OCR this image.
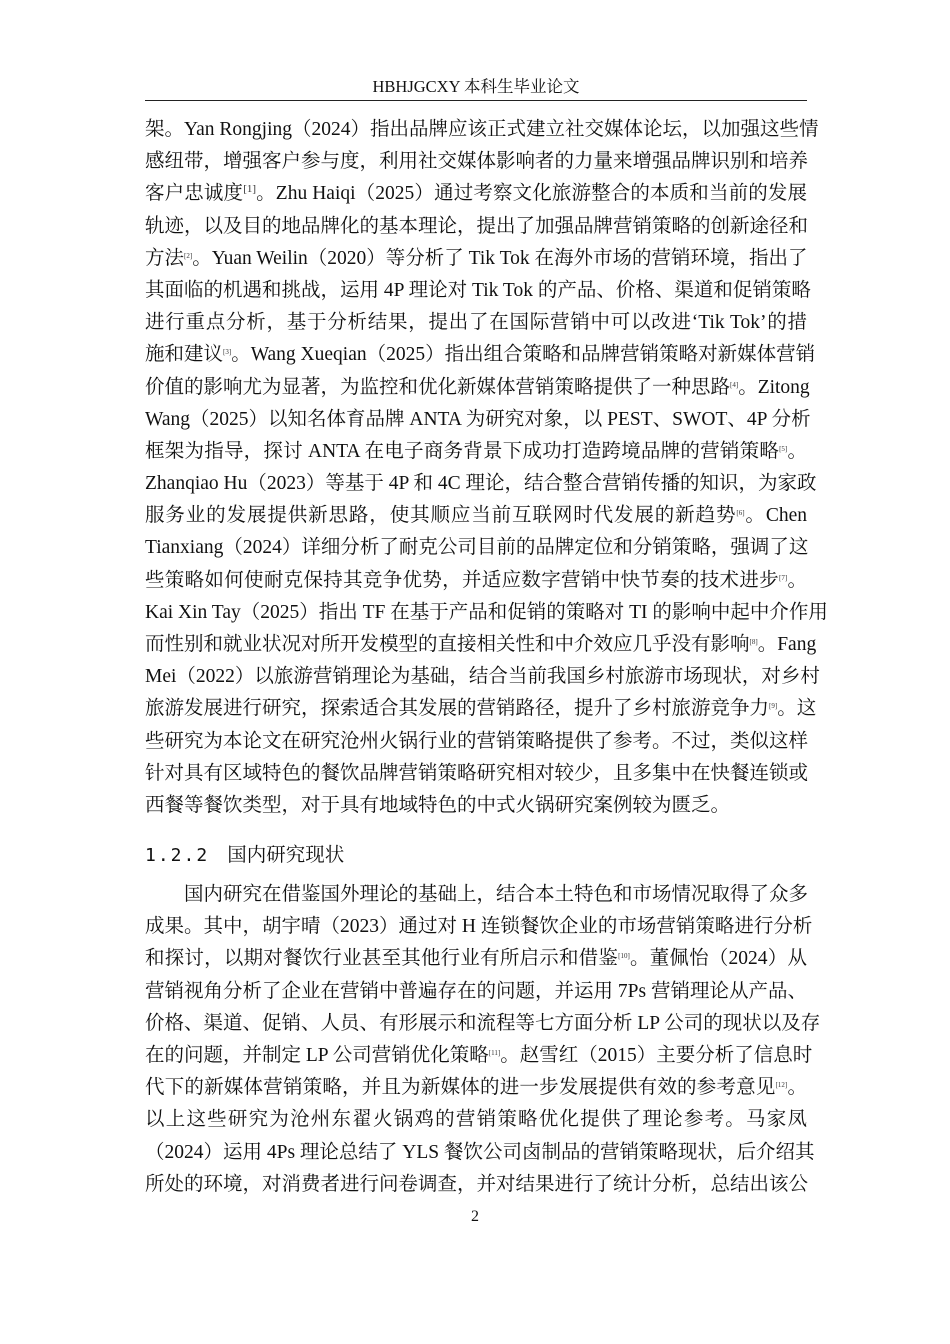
HBHJGCXY 本科生毕业论文
架。Yan Rongjing（2024）指出品牌应该正式建立社交媒体论坛，以加强这些情
感纽带，增强客户参与度，利用社交媒体影响者的力量来增强品牌识别和培养
客户忠诚度[1]。Zhu Haiqi（2025）通过考察文化旅游整合的本质和当前的发展
轨迹，以及目的地品牌化的基本理论，提出了加强品牌营销策略的创新途径和
方法[2]。Yuan Weilin（2020）等分析了 Tik Tok 在海外市场的营销环境，指出了
其面临的机遇和挑战，运用 4P 理论对 Tik Tok 的产品、价格、渠道和促销策略
进行重点分析，基于分析结果，提出了在国际营销中可以改进‘Tik Tok’的措
施和建议[3]。Wang Xueqian（2025）指出组合策略和品牌营销策略对新媒体营销
价值的影响尤为显著，为监控和优化新媒体营销策略提供了一种思路[4]。Zitong
Wang（2025）以知名体育品牌 ANTA 为研究对象，以 PEST、SWOT、4P 分析
框架为指导，探讨 ANTA 在电子商务背景下成功打造跨境品牌的营销策略[5]。
Zhanqiao Hu（2023）等基于 4P 和 4C 理论，结合整合营销传播的知识，为家政
服务业的发展提供新思路，使其顺应当前互联网时代发展的新趋势[6]。Chen
Tianxiang（2024）详细分析了耐克公司目前的品牌定位和分销策略，强调了这
些策略如何使耐克保持其竞争优势，并适应数字营销中快节奏的技术进步[7]。
Kai Xin Tay（2025）指出 TF 在基于产品和促销的策略对 TI 的影响中起中介作用
而性别和就业状况对所开发模型的直接相关性和中介效应几乎没有影响[8]。Fang
Mei（2022）以旅游营销理论为基础，结合当前我国乡村旅游市场现状，对乡村
旅游发展进行研究，探索适合其发展的营销路径，提升了乡村旅游竞争力[9]。这
些研究为本论文在研究沧州火锅行业的营销策略提供了参考。不过，类似这样
针对具有区域特色的餐饮品牌营销策略研究相对较少，且多集中在快餐连锁或
西餐等餐饮类型，对于具有地域特色的中式火锅研究案例较为匮乏。
1.2.2 国内研究现状
国内研究在借鉴国外理论的基础上，结合本土特色和市场情况取得了众多
成果。其中，胡宇晴（2023）通过对 H 连锁餐饮企业的市场营销策略进行分析
和探讨，以期对餐饮行业甚至其他行业有所启示和借鉴[10]。董佩怡（2024）从
营销视角分析了企业在营销中普遍存在的问题，并运用 7Ps 营销理论从产品、
价格、渠道、促销、人员、有形展示和流程等七方面分析 LP 公司的现状以及存
在的问题，并制定 LP 公司营销优化策略[11]。赵雪红（2015）主要分析了信息时
代下的新媒体营销策略，并且为新媒体的进一步发展提供有效的参考意见[12]。
以上这些研究为沧州东翟火锅鸡的营销策略优化提供了理论参考。马家凤
（2024）运用 4Ps 理论总结了 YLS 餐饮公司卤制品的营销策略现状，后介绍其
所处的环境，对消费者进行问卷调查，并对结果进行了统计分析，总结出该公
2
